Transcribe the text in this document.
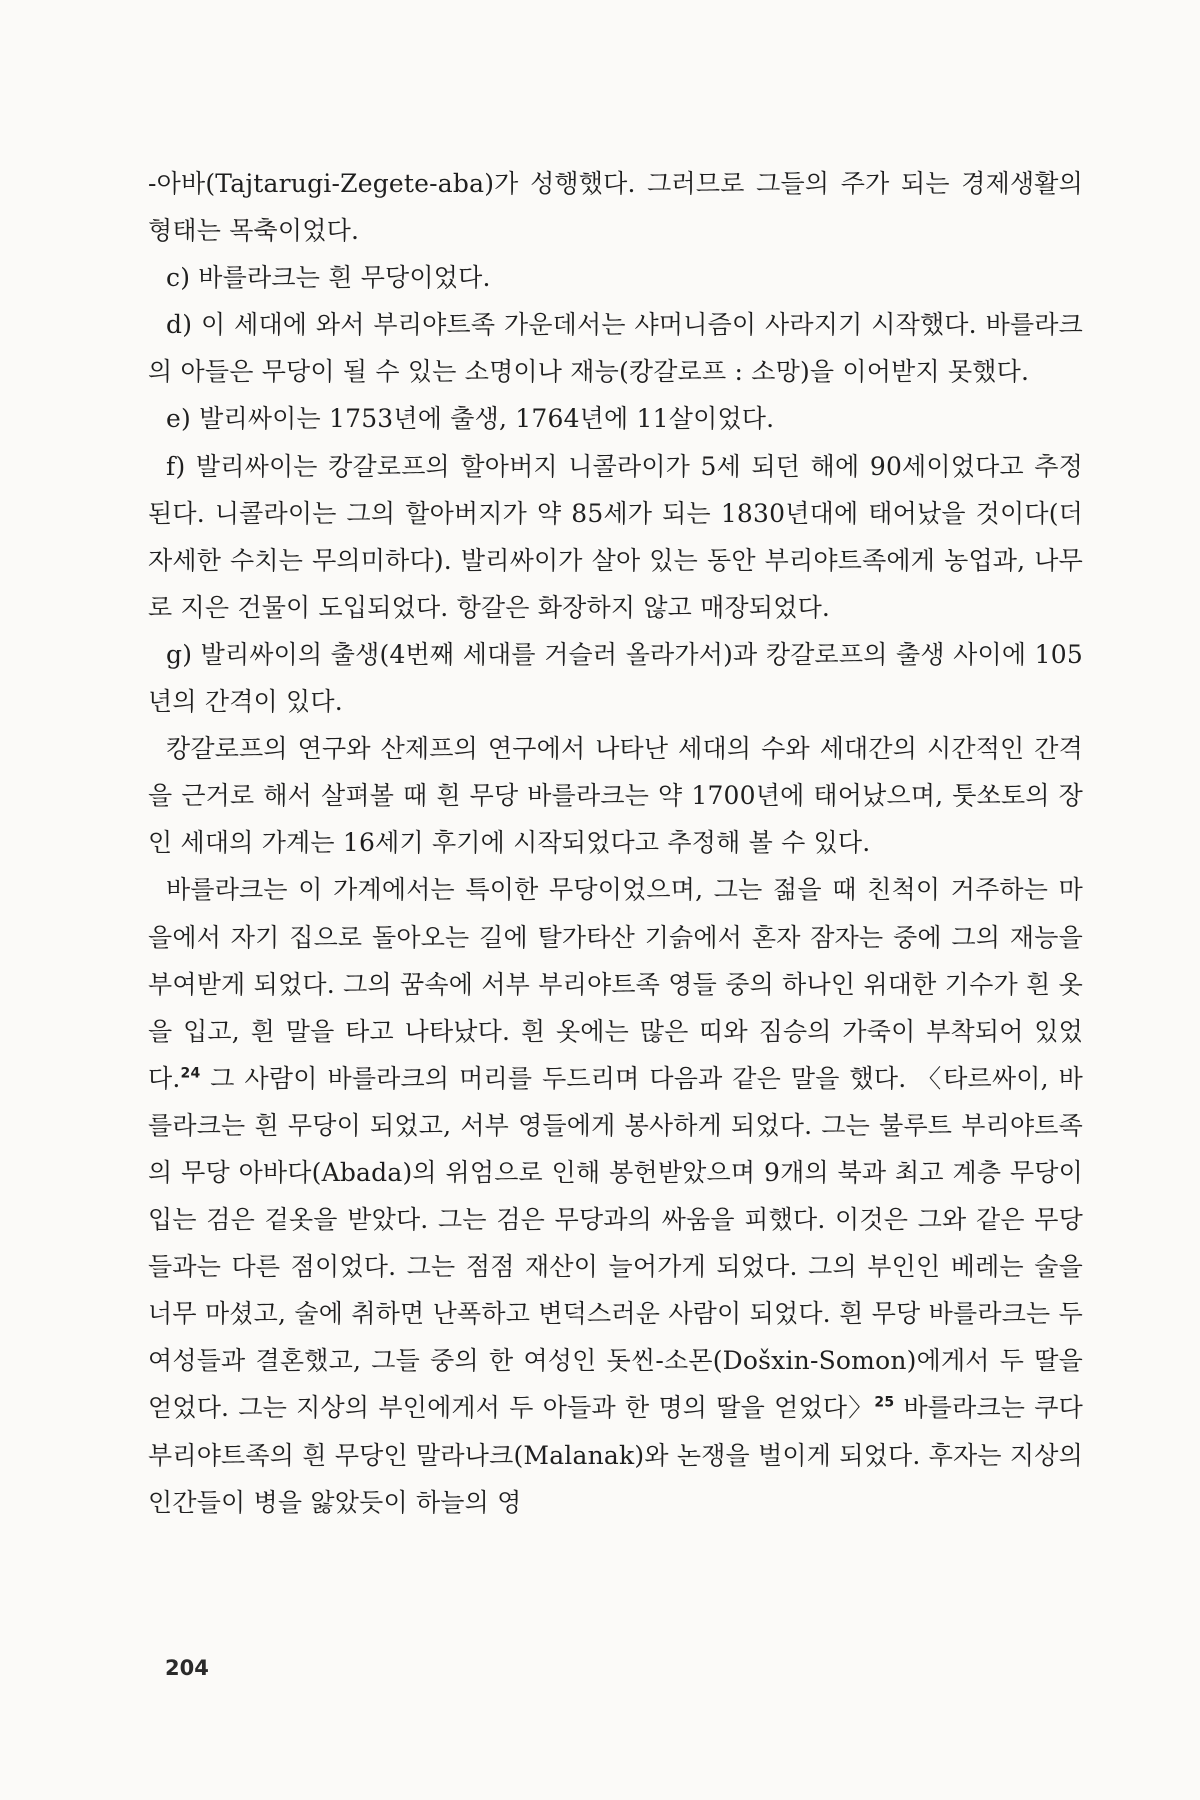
-아바(Tajtarugi-Zegete-aba)가 성행했다. 그러므로 그들의 주가 되는 경제생활의 형태는 목축이었다.

c) 바를라크는 흰 무당이었다.

d) 이 세대에 와서 부리야트족 가운데서는 샤머니즘이 사라지기 시작했다. 바를라크의 아들은 무당이 될 수 있는 소명이나 재능(캉갈로프 : 소망)을 이어받지 못했다.

e) 발리싸이는 1753년에 출생, 1764년에 11살이었다.

f) 발리싸이는 캉갈로프의 할아버지 니콜라이가 5세 되던 해에 90세이었다고 추정된다. 니콜라이는 그의 할아버지가 약 85세가 되는 1830년대에 태어났을 것이다(더 자세한 수치는 무의미하다). 발리싸이가 살아 있는 동안 부리야트족에게 농업과, 나무로 지은 건물이 도입되었다. 항갈은 화장하지 않고 매장되었다.

g) 발리싸이의 출생(4번째 세대를 거슬러 올라가서)과 캉갈로프의 출생 사이에 105년의 간격이 있다.

캉갈로프의 연구와 산제프의 연구에서 나타난 세대의 수와 세대간의 시간적인 간격을 근거로 해서 살펴볼 때 흰 무당 바를라크는 약 1700년에 태어났으며, 툿쏘토의 장인 세대의 가계는 16세기 후기에 시작되었다고 추정해 볼 수 있다.

바를라크는 이 가계에서는 특이한 무당이었으며, 그는 젊을 때 친척이 거주하는 마을에서 자기 집으로 돌아오는 길에 탈가타산 기슭에서 혼자 잠자는 중에 그의 재능을 부여받게 되었다. 그의 꿈속에 서부 부리야트족 영들 중의 하나인 위대한 기수가 흰 옷을 입고, 흰 말을 타고 나타났다. 흰 옷에는 많은 띠와 짐승의 가죽이 부착되어 있었다.$^{24}$ 그 사람이 바를라크의 머리를 두드리며 다음과 같은 말을 했다. 〈타르싸이, 바를라크는 흰 무당이 되었고, 서부 영들에게 봉사하게 되었다. 그는 불루트 부리야트족의 무당 아바다(Abada)의 위엄으로 인해 봉헌받았으며 9개의 북과 최고 계층 무당이 입는 검은 겉옷을 받았다. 그는 검은 무당과의 싸움을 피했다. 이것은 그와 같은 무당들과는 다른 점이었다. 그는 점점 재산이 늘어가게 되었다. 그의 부인인 베레는 술을 너무 마셨고, 술에 취하면 난폭하고 변덕스러운 사람이 되었다. 흰 무당 바를라크는 두 여성들과 결혼했고, 그들 중의 한 여성인 돗씬-소몬(Došxin-Somon)에게서 두 딸을 얻었다. 그는 지상의 부인에게서 두 아들과 한 명의 딸을 얻었다〉$^{25}$ 바를라크는 쿠다 부리야트족의 흰 무당인 말라나크(Malanak)와 논쟁을 벌이게 되었다. 후자는 지상의 인간들이 병을 앓았듯이 하늘의 영

204
